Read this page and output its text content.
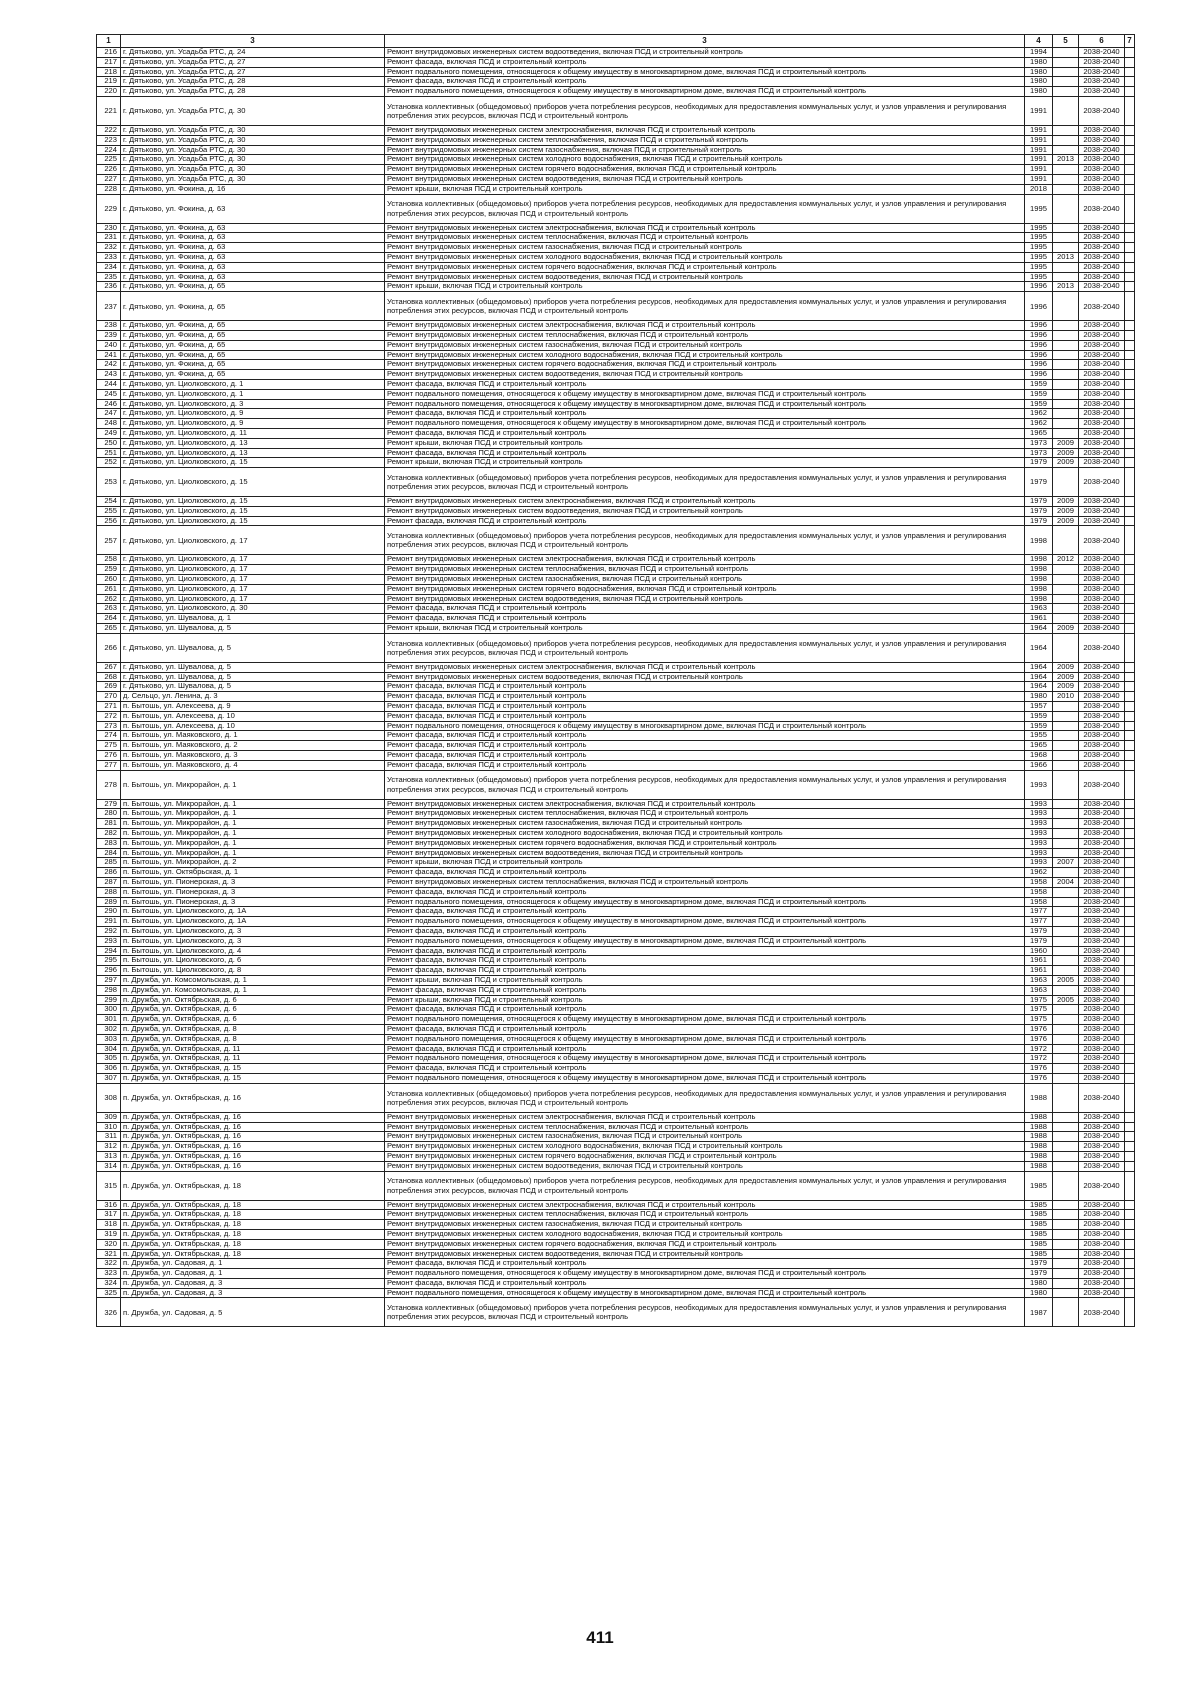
1	3	3	4	5	6	7
216	г. Дятьково, ул. Усадьба РТС, д. 24	Ремонт внутридомовых инженерных систем водоотведения, включая ПСД и строительный контроль	1994		2038-2040	
217	г. Дятьково, ул. Усадьба РТС, д. 27	Ремонт фасада, включая ПСД и строительный контроль	1980		2038-2040	
218	г. Дятьково, ул. Усадьба РТС, д. 27	Ремонт подвального помещения, относящегося к общему имуществу в многоквартирном доме, включая ПСД и строительный контроль	1980		2038-2040	
219	г. Дятьково, ул. Усадьба РТС, д. 28	Ремонт фасада, включая ПСД и строительный контроль	1980		2038-2040	
220	г. Дятьково, ул. Усадьба РТС, д. 28	Ремонт подвального помещения, относящегося к общему имуществу в многоквартирном доме, включая ПСД и строительный контроль	1980		2038-2040	
221	г. Дятьково, ул. Усадьба РТС, д. 30	Установка коллективных (общедомовых) приборов учета потребления ресурсов, необходимых для предоставления коммунальных услуг, и узлов управления и регулирования потребления этих ресурсов, включая ПСД и строительный контроль	1991		2038-2040	
222	г. Дятьково, ул. Усадьба РТС, д. 30	Ремонт внутридомовых инженерных систем электроснабжения, включая ПСД и строительный контроль	1991		2038-2040	
223	г. Дятьково, ул. Усадьба РТС, д. 30	Ремонт внутридомовых инженерных систем теплоснабжения, включая ПСД и строительный контроль	1991		2038-2040	
224	г. Дятьково, ул. Усадьба РТС, д. 30	Ремонт внутридомовых инженерных систем газоснабжения, включая ПСД и строительный контроль	1991		2038-2040	
225	г. Дятьково, ул. Усадьба РТС, д. 30	Ремонт внутридомовых инженерных систем холодного водоснабжения, включая ПСД и строительный контроль	1991	2013	2038-2040	
226	г. Дятьково, ул. Усадьба РТС, д. 30	Ремонт внутридомовых инженерных систем горячего водоснабжения, включая ПСД и строительный контроль	1991		2038-2040	
227	г. Дятьково, ул. Усадьба РТС, д. 30	Ремонт внутридомовых инженерных систем водоотведения, включая ПСД и строительный контроль	1991		2038-2040	
228	г. Дятьково, ул. Фокина, д. 16	Ремонт крыши, включая ПСД и строительный контроль	2018		2038-2040	
229	г. Дятьково, ул. Фокина, д. 63	Установка коллективных (общедомовых) приборов учета потребления ресурсов, необходимых для предоставления коммунальных услуг, и узлов управления и регулирования потребления этих ресурсов, включая ПСД и строительный контроль	1995		2038-2040	
230	г. Дятьково, ул. Фокина, д. 63	Ремонт внутридомовых инженерных систем электроснабжения, включая ПСД и строительный контроль	1995		2038-2040	
231	г. Дятьково, ул. Фокина, д. 63	Ремонт внутридомовых инженерных систем теплоснабжения, включая ПСД и строительный контроль	1995		2038-2040	
232	г. Дятьково, ул. Фокина, д. 63	Ремонт внутридомовых инженерных систем газоснабжения, включая ПСД и строительный контроль	1995		2038-2040	
233	г. Дятьково, ул. Фокина, д. 63	Ремонт внутридомовых инженерных систем холодного водоснабжения, включая ПСД и строительный контроль	1995	2013	2038-2040	
234	г. Дятьково, ул. Фокина, д. 63	Ремонт внутридомовых инженерных систем горячего водоснабжения, включая ПСД и строительный контроль	1995		2038-2040	
235	г. Дятьково, ул. Фокина, д. 63	Ремонт внутридомовых инженерных систем водоотведения, включая ПСД и строительный контроль	1995		2038-2040	
236	г. Дятьково, ул. Фокина, д. 65	Ремонт крыши, включая ПСД и строительный контроль	1996	2013	2038-2040	
237	г. Дятьково, ул. Фокина, д. 65	Установка коллективных (общедомовых) приборов учета потребления ресурсов, необходимых для предоставления коммунальных услуг, и узлов управления и регулирования потребления этих ресурсов, включая ПСД и строительный контроль	1996		2038-2040	
238	г. Дятьково, ул. Фокина, д. 65	Ремонт внутридомовых инженерных систем электроснабжения, включая ПСД и строительный контроль	1996		2038-2040	
239	г. Дятьково, ул. Фокина, д. 65	Ремонт внутридомовых инженерных систем теплоснабжения, включая ПСД и строительный контроль	1996		2038-2040	
240	г. Дятьково, ул. Фокина, д. 65	Ремонт внутридомовых инженерных систем газоснабжения, включая ПСД и строительный контроль	1996		2038-2040	
241	г. Дятьково, ул. Фокина, д. 65	Ремонт внутридомовых инженерных систем холодного водоснабжения, включая ПСД и строительный контроль	1996		2038-2040	
242	г. Дятьково, ул. Фокина, д. 65	Ремонт внутридомовых инженерных систем горячего водоснабжения, включая ПСД и строительный контроль	1996		2038-2040	
243	г. Дятьково, ул. Фокина, д. 65	Ремонт внутридомовых инженерных систем водоотведения, включая ПСД и строительный контроль	1996		2038-2040	
244	г. Дятьково, ул. Циолковского, д. 1	Ремонт фасада, включая ПСД и строительный контроль	1959		2038-2040	
245	г. Дятьково, ул. Циолковского, д. 1	Ремонт подвального помещения, относящегося к общему имуществу в многоквартирном доме, включая ПСД и строительный контроль	1959		2038-2040	
246	г. Дятьково, ул. Циолковского, д. 3	Ремонт подвального помещения, относящегося к общему имуществу в многоквартирном доме, включая ПСД и строительный контроль	1959		2038-2040	
247	г. Дятьково, ул. Циолковского, д. 9	Ремонт фасада, включая ПСД и строительный контроль	1962		2038-2040	
248	г. Дятьково, ул. Циолковского, д. 9	Ремонт подвального помещения, относящегося к общему имуществу в многоквартирном доме, включая ПСД и строительный контроль	1962		2038-2040	
249	г. Дятьково, ул. Циолковского, д. 11	Ремонт фасада, включая ПСД и строительный контроль	1965		2038-2040	
250	г. Дятьково, ул. Циолковского, д. 13	Ремонт крыши, включая ПСД и строительный контроль	1973	2009	2038-2040	
251	г. Дятьково, ул. Циолковского, д. 13	Ремонт фасада, включая ПСД и строительный контроль	1973	2009	2038-2040	
252	г. Дятьково, ул. Циолковского, д. 15	Ремонт крыши, включая ПСД и строительный контроль	1979	2009	2038-2040	
253	г. Дятьково, ул. Циолковского, д. 15	Установка коллективных (общедомовых) приборов учета потребления ресурсов, необходимых для предоставления коммунальных услуг, и узлов управления и регулирования потребления этих ресурсов, включая ПСД и строительный контроль	1979		2038-2040	
254	г. Дятьково, ул. Циолковского, д. 15	Ремонт внутридомовых инженерных систем электроснабжения, включая ПСД и строительный контроль	1979	2009	2038-2040	
255	г. Дятьково, ул. Циолковского, д. 15	Ремонт внутридомовых инженерных систем водоотведения, включая ПСД и строительный контроль	1979	2009	2038-2040	
256	г. Дятьково, ул. Циолковского, д. 15	Ремонт фасада, включая ПСД и строительный контроль	1979	2009	2038-2040	
257	г. Дятьково, ул. Циолковского, д. 17	Установка коллективных (общедомовых) приборов учета потребления ресурсов, необходимых для предоставления коммунальных услуг, и узлов управления и регулирования потребления этих ресурсов, включая ПСД и строительный контроль	1998		2038-2040	
258	г. Дятьково, ул. Циолковского, д. 17	Ремонт внутридомовых инженерных систем электроснабжения, включая ПСД и строительный контроль	1998	2012	2038-2040	
259	г. Дятьково, ул. Циолковского, д. 17	Ремонт внутридомовых инженерных систем теплоснабжения, включая ПСД и строительный контроль	1998		2038-2040	
260	г. Дятьково, ул. Циолковского, д. 17	Ремонт внутридомовых инженерных систем газоснабжения, включая ПСД и строительный контроль	1998		2038-2040	
261	г. Дятьково, ул. Циолковского, д. 17	Ремонт внутридомовых инженерных систем горячего водоснабжения, включая ПСД и строительный контроль	1998		2038-2040	
262	г. Дятьково, ул. Циолковского, д. 17	Ремонт внутридомовых инженерных систем водоотведения, включая ПСД и строительный контроль	1998		2038-2040	
263	г. Дятьково, ул. Циолковского, д. 30	Ремонт фасада, включая ПСД и строительный контроль	1963		2038-2040	
264	г. Дятьково, ул. Шувалова, д. 1	Ремонт фасада, включая ПСД и строительный контроль	1961		2038-2040	
265	г. Дятьково, ул. Шувалова, д. 5	Ремонт крыши, включая ПСД и строительный контроль	1964	2009	2038-2040	
266	г. Дятьково, ул. Шувалова, д. 5	Установка коллективных (общедомовых) приборов учета потребления ресурсов, необходимых для предоставления коммунальных услуг, и узлов управления и регулирования потребления этих ресурсов, включая ПСД и строительный контроль	1964		2038-2040	
267	г. Дятьково, ул. Шувалова, д. 5	Ремонт внутридомовых инженерных систем электроснабжения, включая ПСД и строительный контроль	1964	2009	2038-2040	
268	г. Дятьково, ул. Шувалова, д. 5	Ремонт внутридомовых инженерных систем водоотведения, включая ПСД и строительный контроль	1964	2009	2038-2040	
269	г. Дятьково, ул. Шувалова, д. 5	Ремонт фасада, включая ПСД и строительный контроль	1964	2009	2038-2040	
270	д. Сельцо, ул. Ленина, д. 3	Ремонт фасада, включая ПСД и строительный контроль	1980	2010	2038-2040	
271	п. Бытошь, ул. Алексеева, д. 9	Ремонт фасада, включая ПСД и строительный контроль	1957		2038-2040	
272	п. Бытошь, ул. Алексеева, д. 10	Ремонт фасада, включая ПСД и строительный контроль	1959		2038-2040	
273	п. Бытошь, ул. Алексеева, д. 10	Ремонт подвального помещения, относящегося к общему имуществу в многоквартирном доме, включая ПСД и строительный контроль	1959		2038-2040	
274	п. Бытошь, ул. Маяковского, д. 1	Ремонт фасада, включая ПСД и строительный контроль	1955		2038-2040	
275	п. Бытошь, ул. Маяковского, д. 2	Ремонт фасада, включая ПСД и строительный контроль	1965		2038-2040	
276	п. Бытошь, ул. Маяковского, д. 3	Ремонт фасада, включая ПСД и строительный контроль	1968		2038-2040	
277	п. Бытошь, ул. Маяковского, д. 4	Ремонт фасада, включая ПСД и строительный контроль	1966		2038-2040	
278	п. Бытошь, ул. Микрорайон, д. 1	Установка коллективных (общедомовых) приборов учета потребления ресурсов, необходимых для предоставления коммунальных услуг, и узлов управления и регулирования потребления этих ресурсов, включая ПСД и строительный контроль	1993		2038-2040	
279	п. Бытошь, ул. Микрорайон, д. 1	Ремонт внутридомовых инженерных систем электроснабжения, включая ПСД и строительный контроль	1993		2038-2040	
280	п. Бытошь, ул. Микрорайон, д. 1	Ремонт внутридомовых инженерных систем теплоснабжения, включая ПСД и строительный контроль	1993		2038-2040	
281	п. Бытошь, ул. Микрорайон, д. 1	Ремонт внутридомовых инженерных систем газоснабжения, включая ПСД и строительный контроль	1993		2038-2040	
282	п. Бытошь, ул. Микрорайон, д. 1	Ремонт внутридомовых инженерных систем холодного водоснабжения, включая ПСД и строительный контроль	1993		2038-2040	
283	п. Бытошь, ул. Микрорайон, д. 1	Ремонт внутридомовых инженерных систем горячего водоснабжения, включая ПСД и строительный контроль	1993		2038-2040	
284	п. Бытошь, ул. Микрорайон, д. 1	Ремонт внутридомовых инженерных систем водоотведения, включая ПСД и строительный контроль	1993		2038-2040	
285	п. Бытошь, ул. Микрорайон, д. 2	Ремонт крыши, включая ПСД и строительный контроль	1993	2007	2038-2040	
286	п. Бытошь, ул. Октябрьская, д. 1	Ремонт фасада, включая ПСД и строительный контроль	1962		2038-2040	
287	п. Бытошь, ул. Пионерская, д. 3	Ремонт внутридомовых инженерных систем теплоснабжения, включая ПСД и строительный контроль	1958	2004	2038-2040	
288	п. Бытошь, ул. Пионерская, д. 3	Ремонт фасада, включая ПСД и строительный контроль	1958		2038-2040	
289	п. Бытошь, ул. Пионерская, д. 3	Ремонт подвального помещения, относящегося к общему имуществу в многоквартирном доме, включая ПСД и строительный контроль	1958		2038-2040	
290	п. Бытошь, ул. Циолковского, д. 1А	Ремонт фасада, включая ПСД и строительный контроль	1977		2038-2040	
291	п. Бытошь, ул. Циолковского, д. 1А	Ремонт подвального помещения, относящегося к общему имуществу в многоквартирном доме, включая ПСД и строительный контроль	1977		2038-2040	
292	п. Бытошь, ул. Циолковского, д. 3	Ремонт фасада, включая ПСД и строительный контроль	1979		2038-2040	
293	п. Бытошь, ул. Циолковского, д. 3	Ремонт подвального помещения, относящегося к общему имуществу в многоквартирном доме, включая ПСД и строительный контроль	1979		2038-2040	
294	п. Бытошь, ул. Циолковского, д. 4	Ремонт фасада, включая ПСД и строительный контроль	1960		2038-2040	
295	п. Бытошь, ул. Циолковского, д. 6	Ремонт фасада, включая ПСД и строительный контроль	1961		2038-2040	
296	п. Бытошь, ул. Циолковского, д. 8	Ремонт фасада, включая ПСД и строительный контроль	1961		2038-2040	
297	п. Дружба, ул. Комсомольская, д. 1	Ремонт крыши, включая ПСД и строительный контроль	1963	2005	2038-2040	
298	п. Дружба, ул. Комсомольская, д. 1	Ремонт фасада, включая ПСД и строительный контроль	1963		2038-2040	
299	п. Дружба, ул. Октябрьская, д. 6	Ремонт крыши, включая ПСД и строительный контроль	1975	2005	2038-2040	
300	п. Дружба, ул. Октябрьская, д. 6	Ремонт фасада, включая ПСД и строительный контроль	1975		2038-2040	
301	п. Дружба, ул. Октябрьская, д. 6	Ремонт подвального помещения, относящегося к общему имуществу в многоквартирном доме, включая ПСД и строительный контроль	1975		2038-2040	
302	п. Дружба, ул. Октябрьская, д. 8	Ремонт фасада, включая ПСД и строительный контроль	1976		2038-2040	
303	п. Дружба, ул. Октябрьская, д. 8	Ремонт подвального помещения, относящегося к общему имуществу в многоквартирном доме, включая ПСД и строительный контроль	1976		2038-2040	
304	п. Дружба, ул. Октябрьская, д. 11	Ремонт фасада, включая ПСД и строительный контроль	1972		2038-2040	
305	п. Дружба, ул. Октябрьская, д. 11	Ремонт подвального помещения, относящегося к общему имуществу в многоквартирном доме, включая ПСД и строительный контроль	1972		2038-2040	
306	п. Дружба, ул. Октябрьская, д. 15	Ремонт фасада, включая ПСД и строительный контроль	1976		2038-2040	
307	п. Дружба, ул. Октябрьская, д. 15	Ремонт подвального помещения, относящегося к общему имуществу в многоквартирном доме, включая ПСД и строительный контроль	1976		2038-2040	
308	п. Дружба, ул. Октябрьская, д. 16	Установка коллективных (общедомовых) приборов учета потребления ресурсов, необходимых для предоставления коммунальных услуг, и узлов управления и регулирования потребления этих ресурсов, включая ПСД и строительный контроль	1988		2038-2040	
309	п. Дружба, ул. Октябрьская, д. 16	Ремонт внутридомовых инженерных систем электроснабжения, включая ПСД и строительный контроль	1988		2038-2040	
310	п. Дружба, ул. Октябрьская, д. 16	Ремонт внутридомовых инженерных систем теплоснабжения, включая ПСД и строительный контроль	1988		2038-2040	
311	п. Дружба, ул. Октябрьская, д. 16	Ремонт внутридомовых инженерных систем газоснабжения, включая ПСД и строительный контроль	1988		2038-2040	
312	п. Дружба, ул. Октябрьская, д. 16	Ремонт внутридомовых инженерных систем холодного водоснабжения, включая ПСД и строительный контроль	1988		2038-2040	
313	п. Дружба, ул. Октябрьская, д. 16	Ремонт внутридомовых инженерных систем горячего водоснабжения, включая ПСД и строительный контроль	1988		2038-2040	
314	п. Дружба, ул. Октябрьская, д. 16	Ремонт внутридомовых инженерных систем водоотведения, включая ПСД и строительный контроль	1988		2038-2040	
315	п. Дружба, ул. Октябрьская, д. 18	Установка коллективных (общедомовых) приборов учета потребления ресурсов, необходимых для предоставления коммунальных услуг, и узлов управления и регулирования потребления этих ресурсов, включая ПСД и строительный контроль	1985		2038-2040	
316	п. Дружба, ул. Октябрьская, д. 18	Ремонт внутридомовых инженерных систем электроснабжения, включая ПСД и строительный контроль	1985		2038-2040	
317	п. Дружба, ул. Октябрьская, д. 18	Ремонт внутридомовых инженерных систем теплоснабжения, включая ПСД и строительный контроль	1985		2038-2040	
318	п. Дружба, ул. Октябрьская, д. 18	Ремонт внутридомовых инженерных систем газоснабжения, включая ПСД и строительный контроль	1985		2038-2040	
319	п. Дружба, ул. Октябрьская, д. 18	Ремонт внутридомовых инженерных систем холодного водоснабжения, включая ПСД и строительный контроль	1985		2038-2040	
320	п. Дружба, ул. Октябрьская, д. 18	Ремонт внутридомовых инженерных систем горячего водоснабжения, включая ПСД и строительный контроль	1985		2038-2040	
321	п. Дружба, ул. Октябрьская, д. 18	Ремонт внутридомовых инженерных систем водоотведения, включая ПСД и строительный контроль	1985		2038-2040	
322	п. Дружба, ул. Садовая, д. 1	Ремонт фасада, включая ПСД и строительный контроль	1979		2038-2040	
323	п. Дружба, ул. Садовая, д. 1	Ремонт подвального помещения, относящегося к общему имуществу в многоквартирном доме, включая ПСД и строительный контроль	1979		2038-2040	
324	п. Дружба, ул. Садовая, д. 3	Ремонт фасада, включая ПСД и строительный контроль	1980		2038-2040	
325	п. Дружба, ул. Садовая, д. 3	Ремонт подвального помещения, относящегося к общему имуществу в многоквартирном доме, включая ПСД и строительный контроль	1980		2038-2040	
326	п. Дружба, ул. Садовая, д. 5	Установка коллективных (общедомовых) приборов учета потребления ресурсов, необходимых для предоставления коммунальных услуг, и узлов управления и регулирования потребления этих ресурсов, включая ПСД и строительный контроль	1987		2038-2040	
411
